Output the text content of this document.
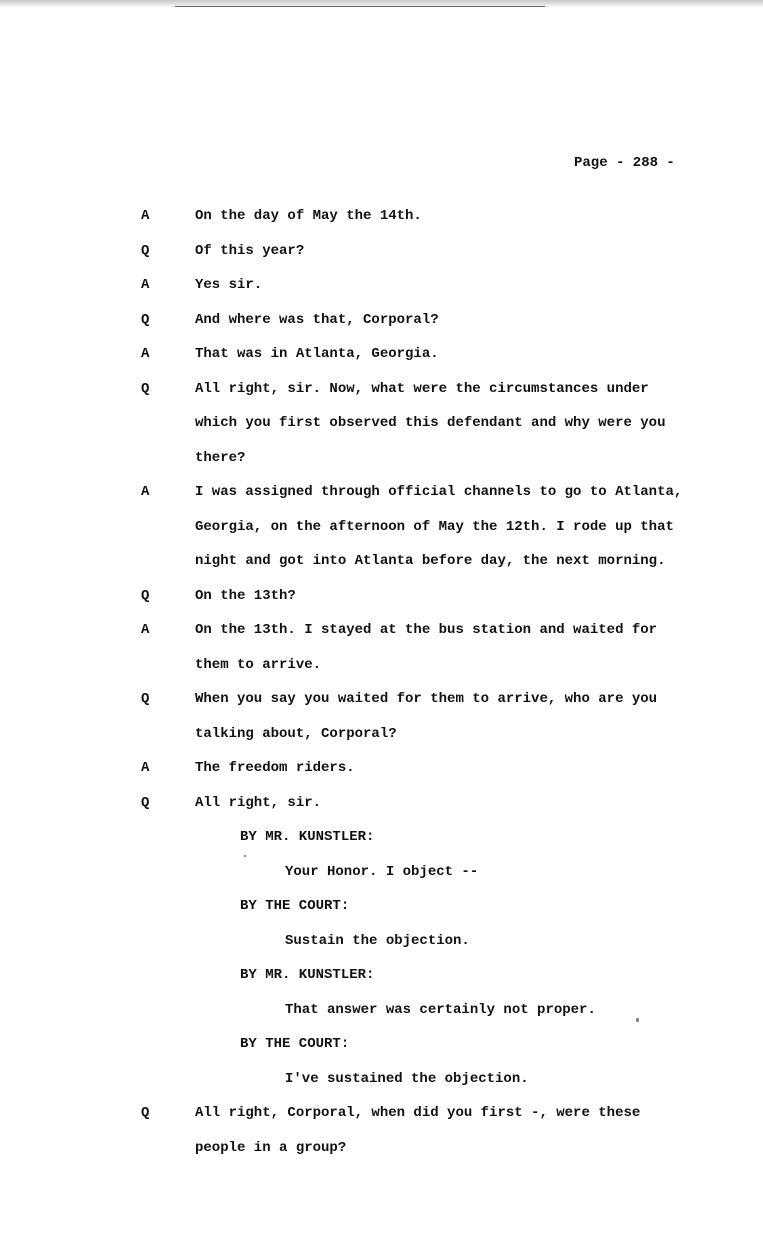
Page - 288 -
A	On the day of May the 14th.
Q	Of this year?
A	Yes sir.
Q	And where was that, Corporal?
A	That was in Atlanta, Georgia.
Q	All right, sir. Now, what were the circumstances under
which you first observed this defendant and why were you
there?
A	I was assigned through official channels to go to Atlanta,
Georgia, on the afternoon of May the 12th. I rode up that
night and got into Atlanta before day, the next morning.
Q	On the 13th?
A	On the 13th. I stayed at the bus station and waited for
them to arrive.
Q	When you say you waited for them to arrive, who are you
talking about, Corporal?
A	The freedom riders.
Q	All right, sir.
BY MR. KUNSTLER:
Your Honor. I object --
BY THE COURT:
Sustain the objection.
BY MR. KUNSTLER:
That answer was certainly not proper.
BY THE COURT:
I've sustained the objection.
Q	All right, Corporal, when did you first -, were these
people in a group?
